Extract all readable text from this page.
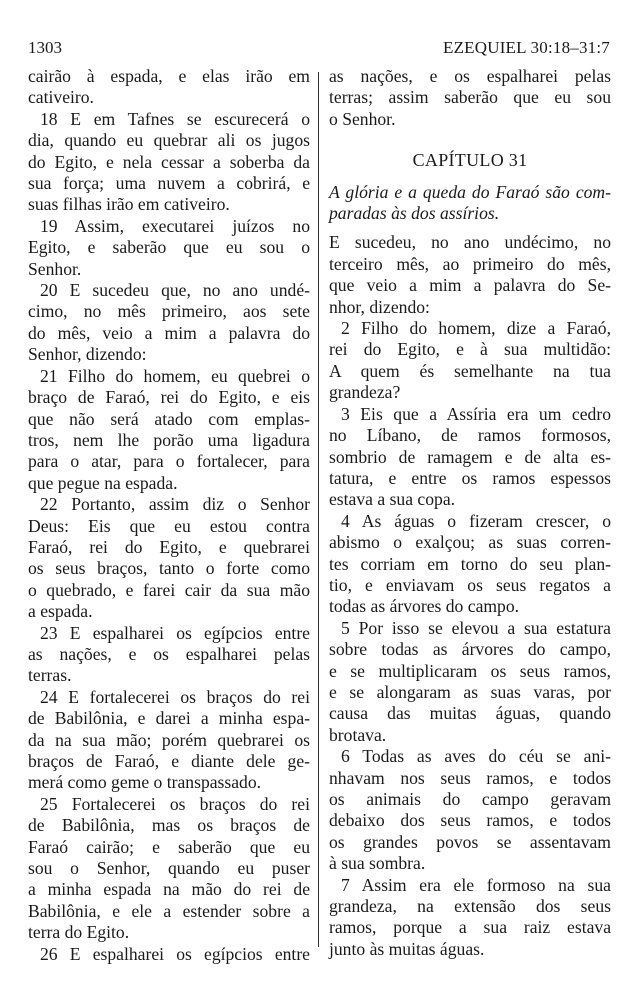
1303	EZEQUIEL 30:18–31:7
cairão à espada, e elas irão em
cativeiro.
18 E em Tafnes se escurecerá o
dia, quando eu quebrar ali os jugos
do Egito, e nela cessar a soberba da
sua força; uma nuvem a cobrirá, e
suas filhas irão em cativeiro.
19 Assim, executarei juízos no
Egito, e saberão que eu sou o
Senhor.
20 E sucedeu que, no ano undé-
cimo, no mês primeiro, aos sete
do mês, veio a mim a palavra do
Senhor, dizendo:
21 Filho do homem, eu quebrei o
braço de Faraó, rei do Egito, e eis
que não será atado com emplas-
tros, nem lhe porão uma ligadura
para o atar, para o fortalecer, para
que pegue na espada.
22 Portanto, assim diz o Senhor
Deus: Eis que eu estou contra
Faraó, rei do Egito, e quebrarei
os seus braços, tanto o forte como
o quebrado, e farei cair da sua mão
a espada.
23 E espalharei os egípcios entre
as nações, e os espalharei pelas
terras.
24 E fortalecerei os braços do rei
de Babilônia, e darei a minha espa-
da na sua mão; porém quebrarei os
braços de Faraó, e diante dele ge-
merá como geme o transpassado.
25 Fortalecerei os braços do rei
de Babilônia, mas os braços de
Faraó cairão; e saberão que eu
sou o Senhor, quando eu puser
a minha espada na mão do rei de
Babilônia, e ele a estender sobre a
terra do Egito.
26 E espalharei os egípcios entre
as nações, e os espalharei pelas
terras; assim saberão que eu sou
o Senhor.
CAPÍTULO 31
A glória e a queda do Faraó são com-
paradas às dos assírios.
E sucedeu, no ano undécimo, no
terceiro mês, ao primeiro do mês,
que veio a mim a palavra do Se-
nhor, dizendo:
2 Filho do homem, dize a Faraó,
rei do Egito, e à sua multidão:
A quem és semelhante na tua
grandeza?
3 Eis que a Assíria era um cedro
no Líbano, de ramos formosos,
sombrio de ramagem e de alta es-
tatura, e entre os ramos espessos
estava a sua copa.
4 As águas o fizeram crescer, o
abismo o exalçou; as suas corren-
tes corriam em torno do seu plan-
tio, e enviavam os seus regatos a
todas as árvores do campo.
5 Por isso se elevou a sua estatura
sobre todas as árvores do campo,
e se multiplicaram os seus ramos,
e se alongaram as suas varas, por
causa das muitas águas, quando
brotava.
6 Todas as aves do céu se ani-
nhavam nos seus ramos, e todos
os animais do campo geravam
debaixo dos seus ramos, e todos
os grandes povos se assentavam
à sua sombra.
7 Assim era ele formoso na sua
grandeza, na extensão dos seus
ramos, porque a sua raiz estava
junto às muitas águas.
